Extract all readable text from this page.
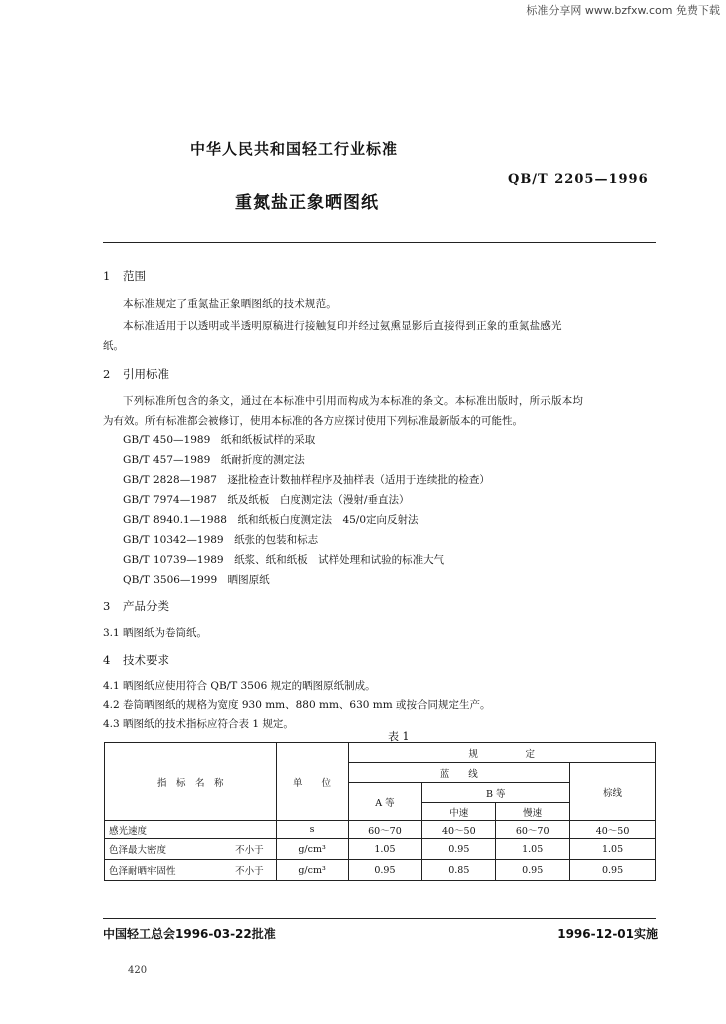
标准分享网 www.bzfxw.com 免费下载
中华人民共和国轻工行业标准
QB/T 2205—1996
重氮盐正象晒图纸
1 范围
本标准规定了重氮盐正象晒图纸的技术规范。
本标准适用于以透明或半透明原稿进行接触复印并经过氨熏显影后直接得到正象的重氮盐感光
纸。
2 引用标准
下列标准所包含的条文，通过在本标准中引用而构成为本标准的条文。本标准出版时，所示版本均
为有效。所有标准都会被修订，使用本标准的各方应探讨使用下列标准最新版本的可能性。
GB/T 450—1989　纸和纸板试样的采取
GB/T 457—1989　纸耐折度的测定法
GB/T 2828—1987　逐批检查计数抽样程序及抽样表（适用于连续批的检查）
GB/T 7974—1987　纸及纸板　白度测定法（漫射/垂直法）
GB/T 8940.1—1988　纸和纸板白度测定法　45/0定向反射法
GB/T 10342—1989　纸张的包装和标志
GB/T 10739—1989　纸浆、纸和纸板　试样处理和试验的标准大气
QB/T 3506—1999　晒图原纸
3 产品分类
3.1 晒图纸为卷筒纸。
4 技术要求
4.1 晒图纸应使用符合 QB/T 3506 规定的晒图原纸制成。
4.2 卷筒晒图纸的规格为宽度 930 mm、880 mm、630 mm 或按合同规定生产。
4.3 晒图纸的技术指标应符合表 1 规定。
表 1
指　标　名　称	单　　位	规　　　　　定			
		蓝　　线			棕线
		A 等	B 等		
			中速	慢速	
感光速度	s	60～70	40～50	60～70	40～50
色泽最大密度 不小于	g/cm³	1.05	0.95	1.05	1.05
色泽耐晒牢固性 不小于	g/cm³	0.95	0.85	0.95	0.95
中国轻工总会1996-03-22批准	1996-12-01实施
420
